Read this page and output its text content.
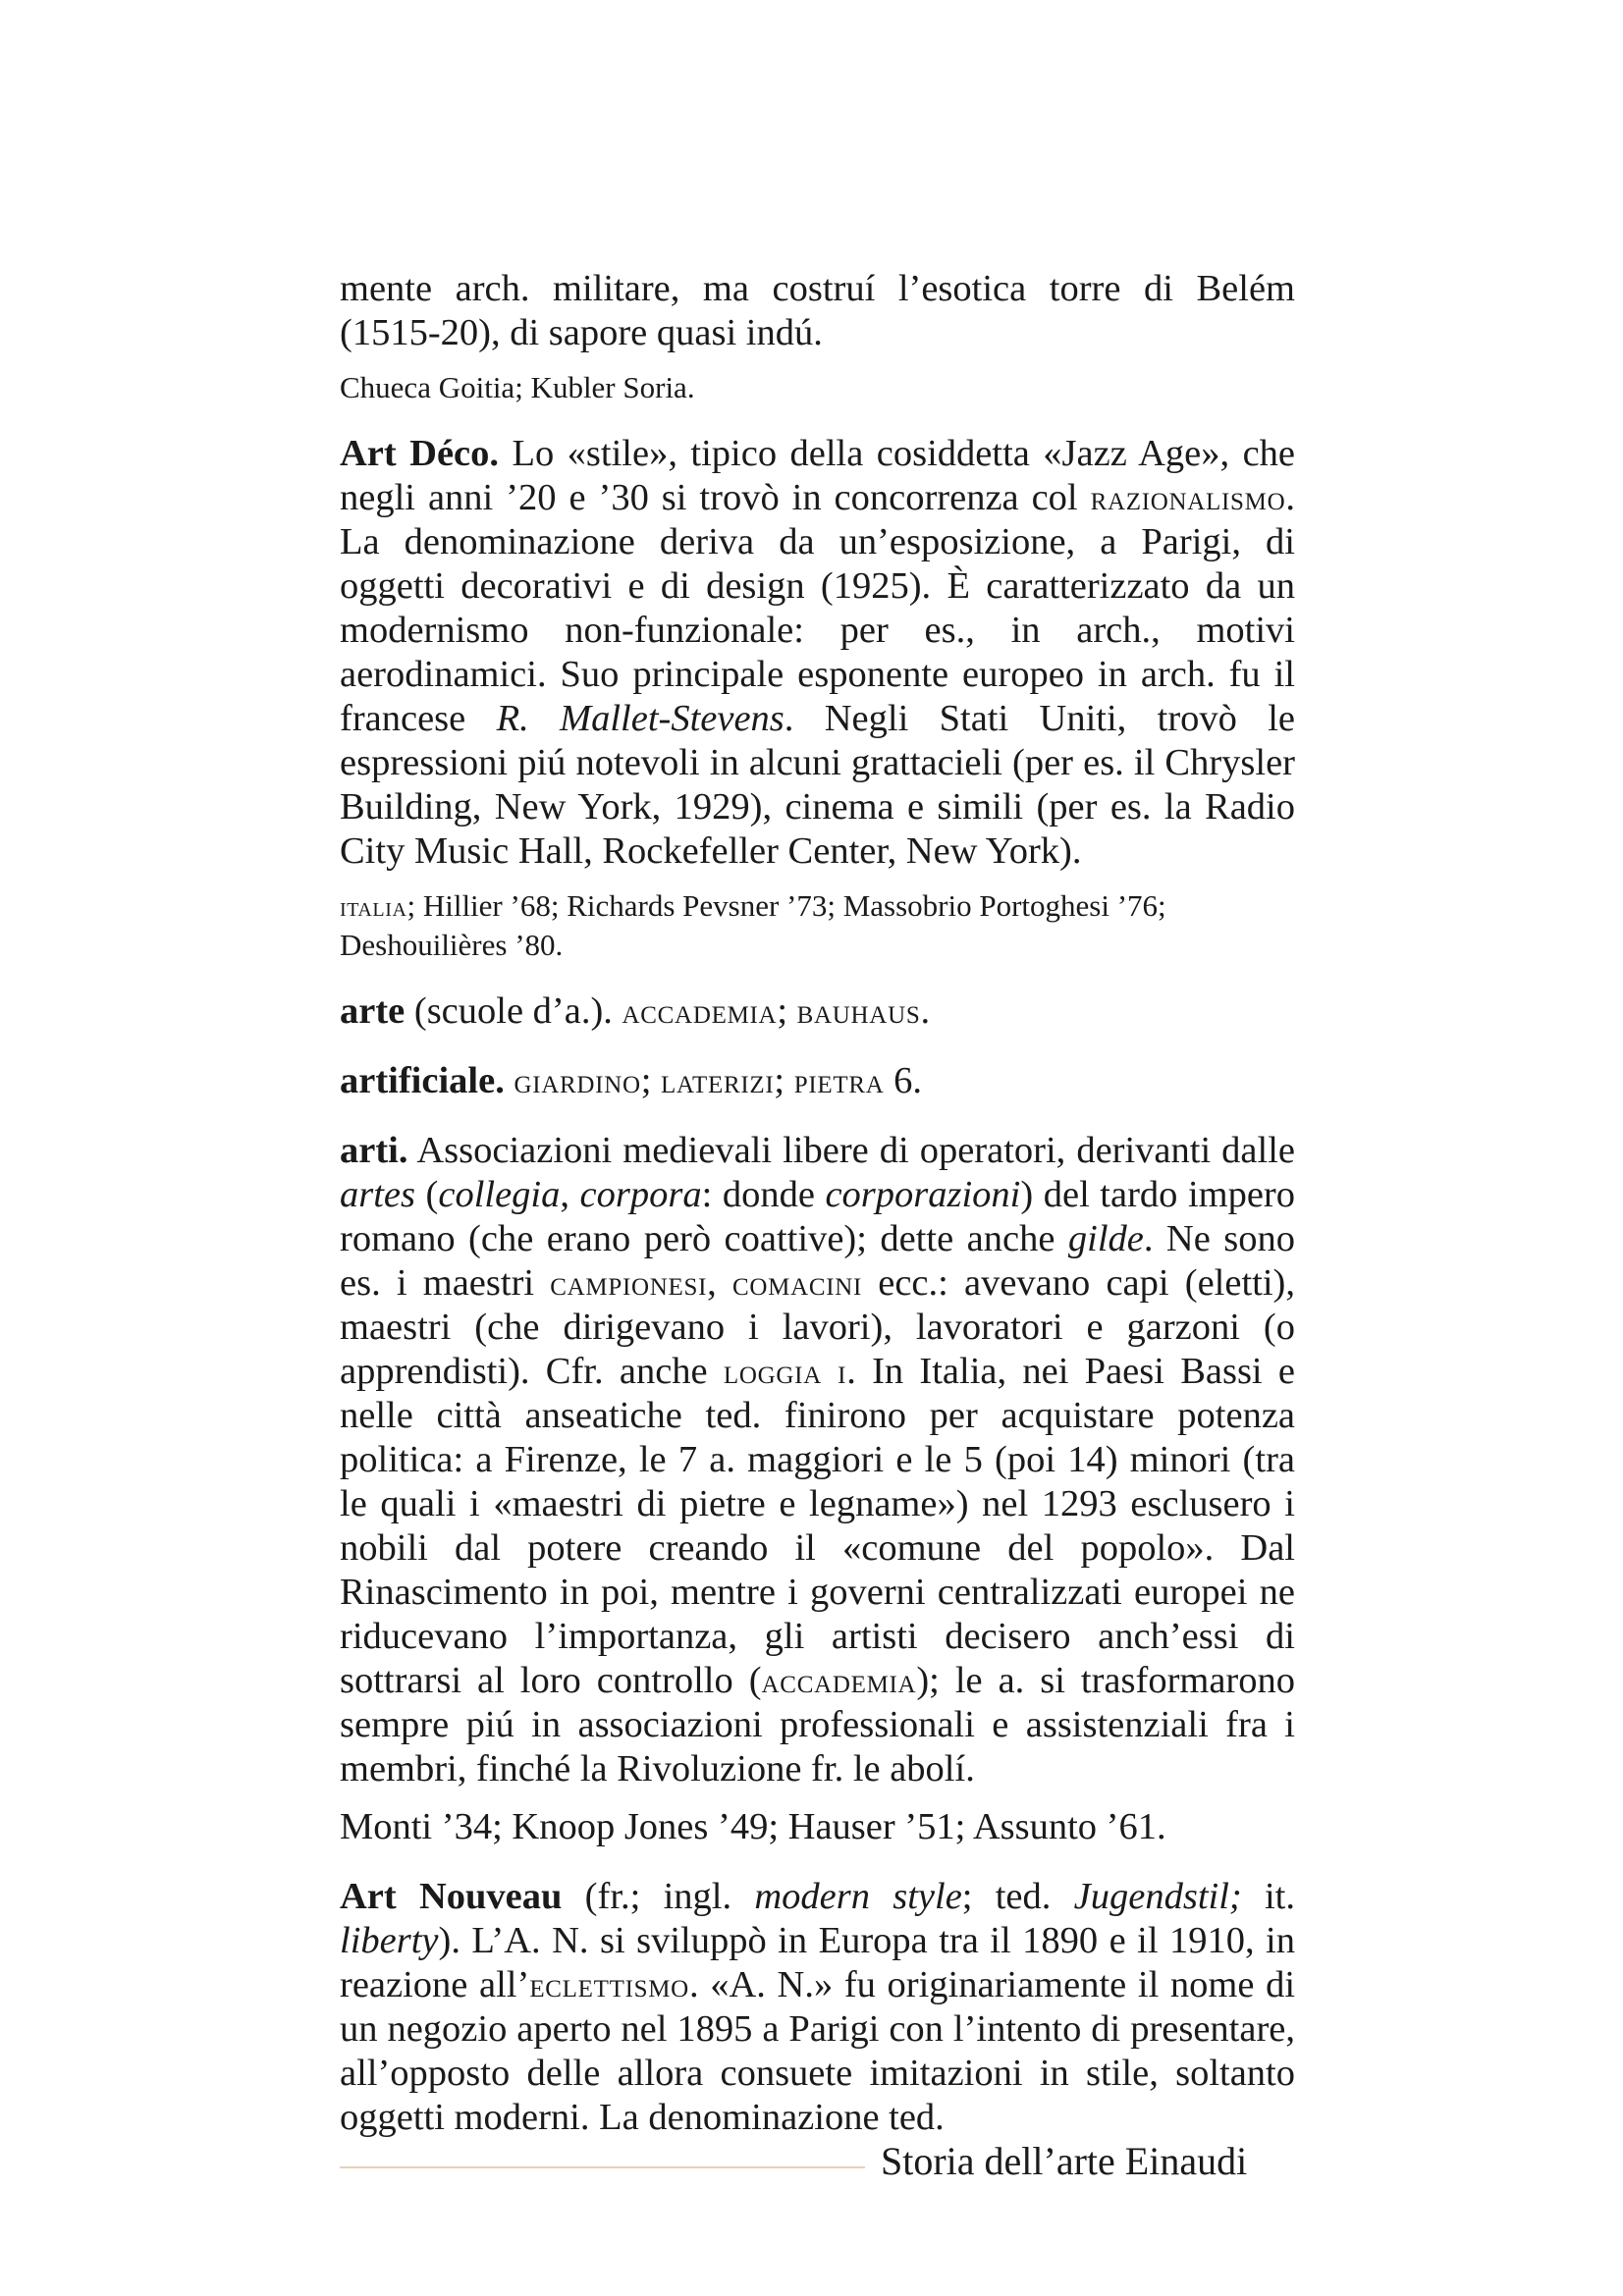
mente arch. militare, ma costruí l’esotica torre di Belém (1515-20), di sapore quasi indú.

Chueca Goitia; Kubler Soria.

Art Déco. Lo «stile», tipico della cosiddetta «Jazz Age», che negli anni ’20 e ’30 si trovò in concorrenza col razionalismo. La denominazione deriva da un’esposizione, a Parigi, di oggetti decorativi e di design (1925). È caratterizzato da un modernismo non-funzionale: per es., in arch., motivi aerodinamici. Suo principale esponente europeo in arch. fu il francese R. Mallet-Stevens. Negli Stati Uniti, trovò le espressioni piú notevoli in alcuni grattacieli (per es. il Chrysler Building, New York, 1929), cinema e simili (per es. la Radio City Music Hall, Rockefeller Center, New York).

italia; Hillier ’68; Richards Pevsner ’73; Massobrio Portoghesi ’76; Deshouilières ’80.

arte (scuole d’a.). accademia; bauhaus.

artificiale. giardino; laterizi; pietra 6.

arti. Associazioni medievali libere di operatori, derivanti dalle artes (collegia, corpora: donde corporazioni) del tardo impero romano (che erano però coattive); dette anche gilde. Ne sono es. i maestri campionesi, comacini ecc.: avevano capi (eletti), maestri (che dirigevano i lavori), lavoratori e garzoni (o apprendisti). Cfr. anche loggia i. In Italia, nei Paesi Bassi e nelle città anseatiche ted. finirono per acquistare potenza politica: a Firenze, le 7 a. maggiori e le 5 (poi 14) minori (tra le quali i «maestri di pietre e legname») nel 1293 esclusero i nobili dal potere creando il «comune del popolo». Dal Rinascimento in poi, mentre i governi centralizzati europei ne riducevano l’importanza, gli artisti decisero anch’essi di sottrarsi al loro controllo (accademia); le a. si trasformarono sempre piú in associazioni professionali e assistenziali fra i membri, finché la Rivoluzione fr. le abolí.

Monti ’34; Knoop Jones ’49; Hauser ’51; Assunto ’61.

Art Nouveau (fr.; ingl. modern style; ted. Jugendstil; it. liberty). L’A. N. si sviluppò in Europa tra il 1890 e il 1910, in reazione all’eclettismo. «A. N.» fu originariamente il nome di un negozio aperto nel 1895 a Parigi con l’intento di presentare, all’opposto delle allora consuete imitazioni in stile, soltanto oggetti moderni. La denominazione ted.

Storia dell’arte Einaudi
